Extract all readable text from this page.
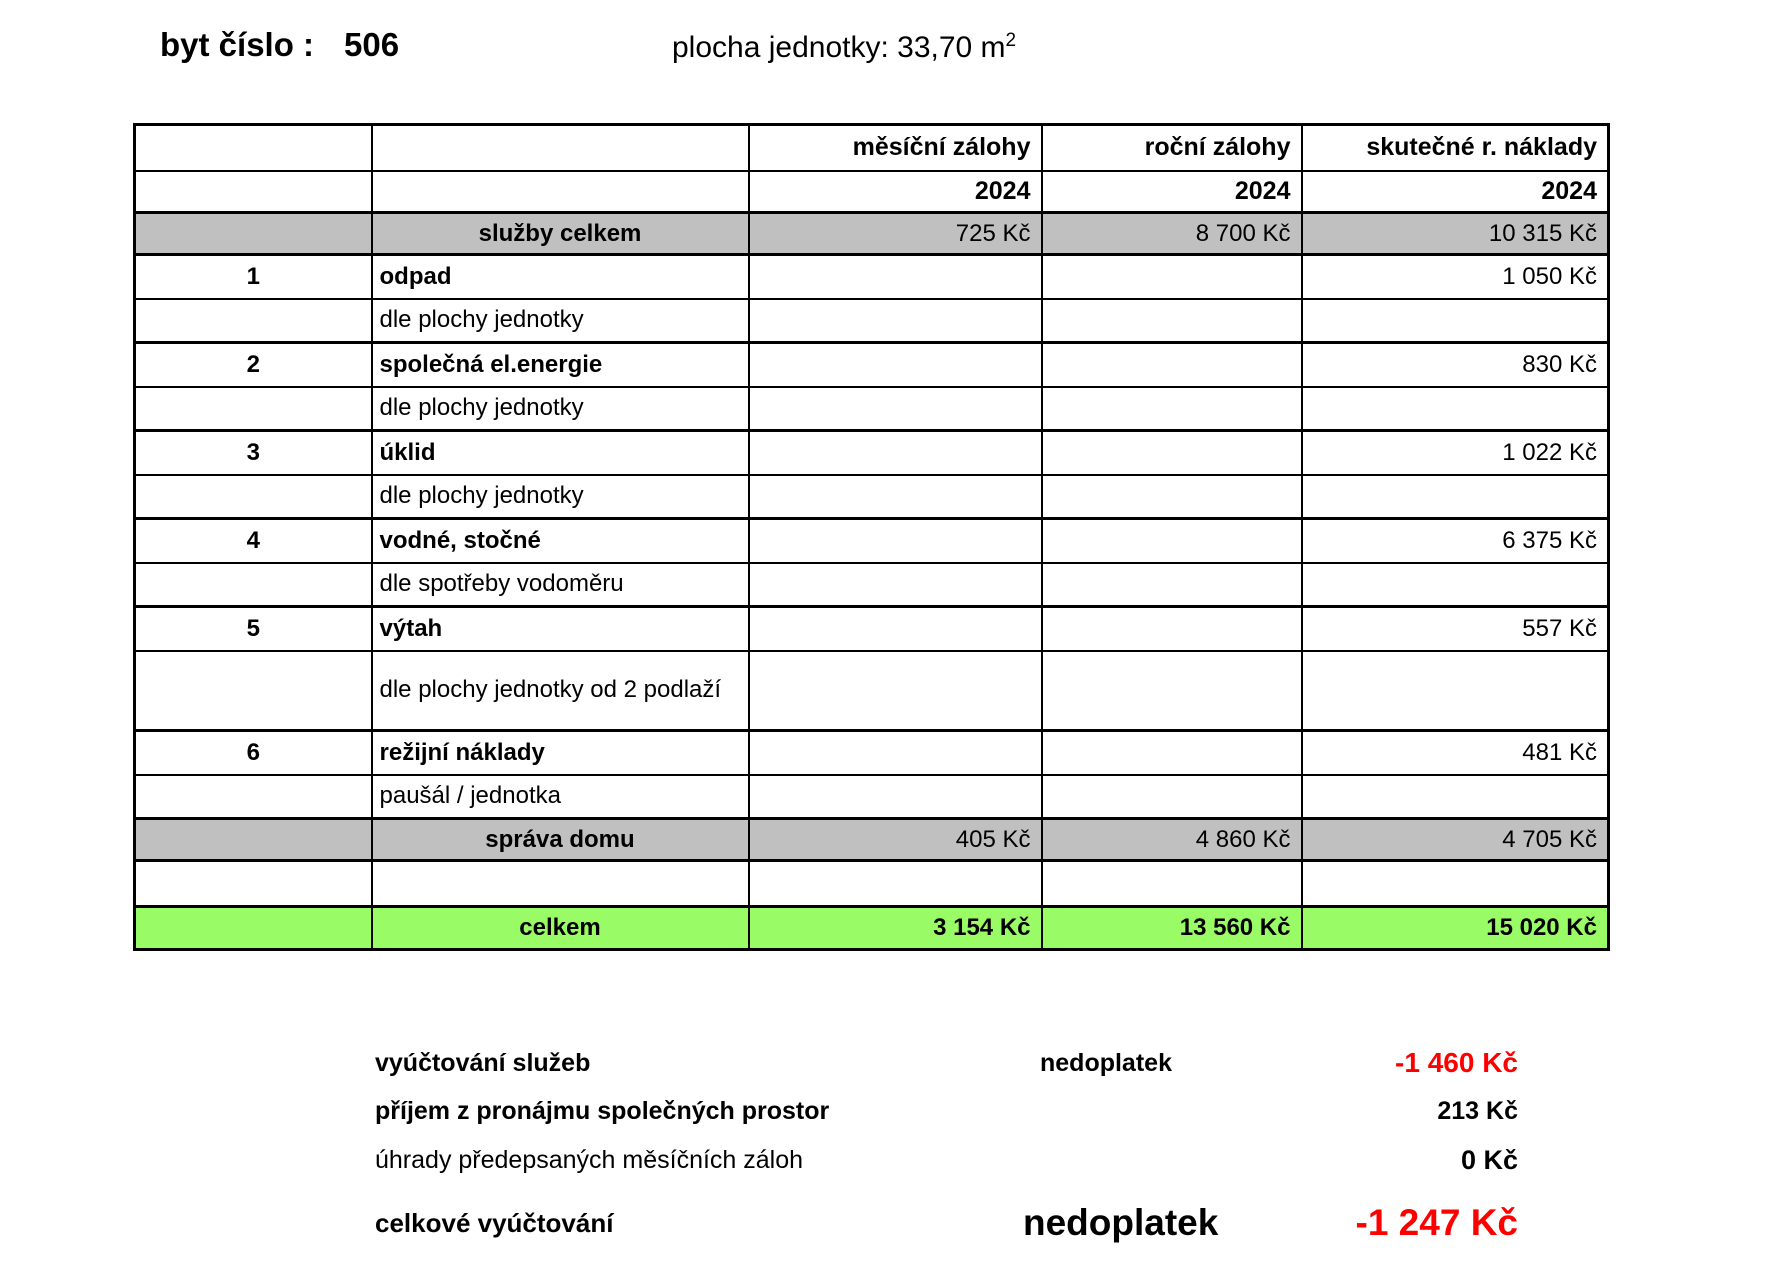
byt číslo : 506	plocha jednotky: 33,70 $m^2$
		měsíční zálohy	roční zálohy	skutečné r. náklady
		2024	2024	2024
	služby celkem	725 Kč	8 700 Kč	10 315 Kč
1	odpad			1 050 Kč
	dle plochy jednotky			
2	společná el.energie			830 Kč
	dle plochy jednotky			
3	úklid			1 022 Kč
	dle plochy jednotky			
4	vodné, stočné			6 375 Kč
	dle spotřeby vodoměru			
5	výtah			557 Kč
	dle plochy jednotky od 2 podlaží			
6	režijní náklady			481 Kč
	paušál / jednotka			
	správa domu	405 Kč	4 860 Kč	4 705 Kč

	celkem	3 154 Kč	13 560 Kč	15 020 Kč
vyúčtování služeb	nedoplatek	-1 460 Kč
příjem z pronájmu společných prostor	213 Kč
úhrady předepsaných měsíčních záloh	0 Kč
celkové vyúčtování	nedoplatek	-1 247 Kč
